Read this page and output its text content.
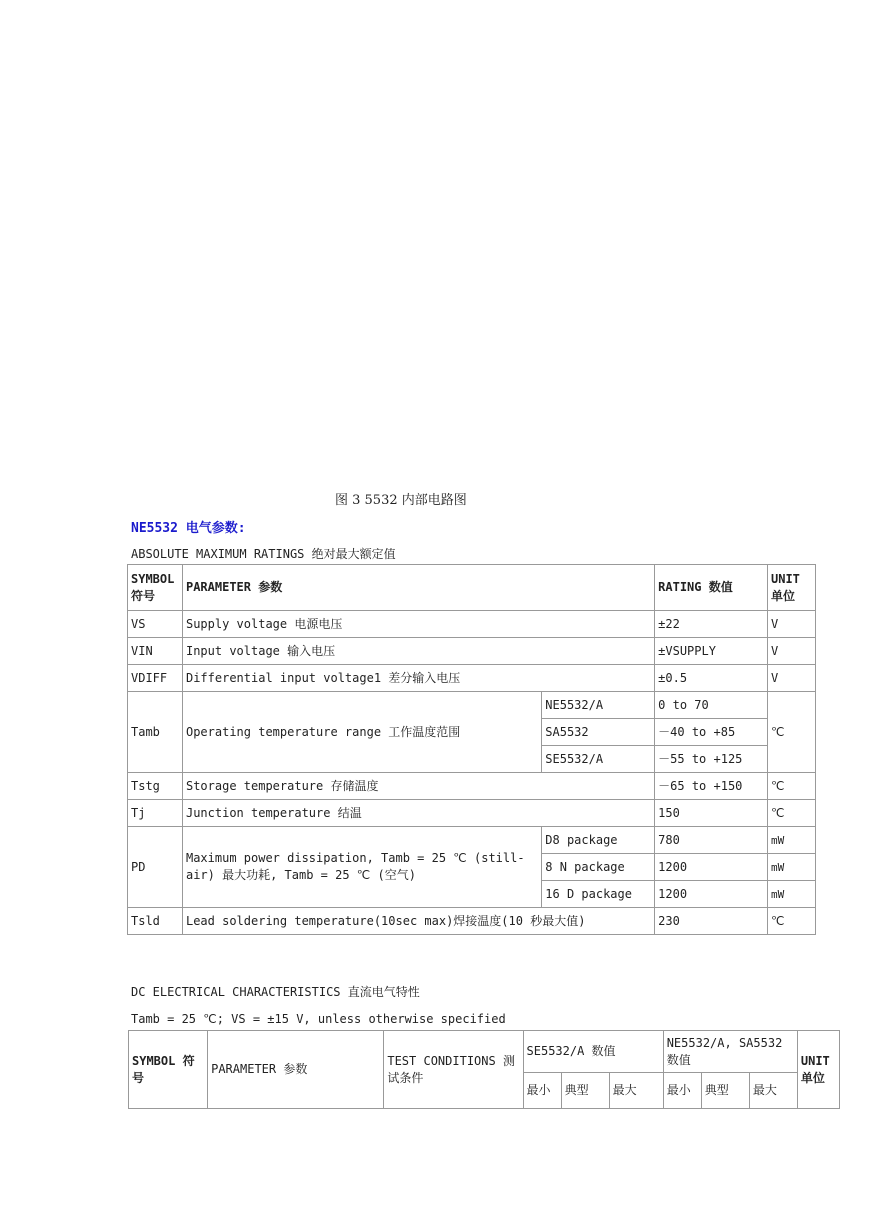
图 3 5532 内部电路图
NE5532 电气参数:
ABSOLUTE MAXIMUM RATINGS 绝对最大额定值
SYMBOL 符号	PARAMETER 参数		RATING 数值	UNIT 单位
VS	Supply voltage 电源电压		±22	V
VIN	Input voltage 输入电压		±VSUPPLY	V
VDIFF	Differential input voltage1 差分输入电压		±0.5	V
Tamb	Operating temperature range 工作温度范围	NE5532/A	0 to 70	℃
		SA5532	－40 to +85	
		SE5532/A	－55 to +125	
Tstg	Storage temperature 存储温度		－65 to +150	℃
Tj	Junction temperature 结温		150	℃
PD	Maximum power dissipation, Tamb = 25 ℃ (still-air) 最大功耗, Tamb = 25 ℃ (空气)	D8 package	780	mW
		8 N package	1200	mW
		16 D package	1200	mW
Tsld	Lead soldering temperature(10sec max)焊接温度(10 秒最大值)		230	℃
DC ELECTRICAL CHARACTERISTICS 直流电气特性
Tamb = 25 ℃; VS = ±15 V, unless otherwise specified
SYMBOL 符号	PARAMETER 参数	TEST CONDITIONS 测试条件	SE5532/A 数值			NE5532/A, SA5532 数值			UNIT 单位
			最小	典型	最大	最小	典型	最大	
